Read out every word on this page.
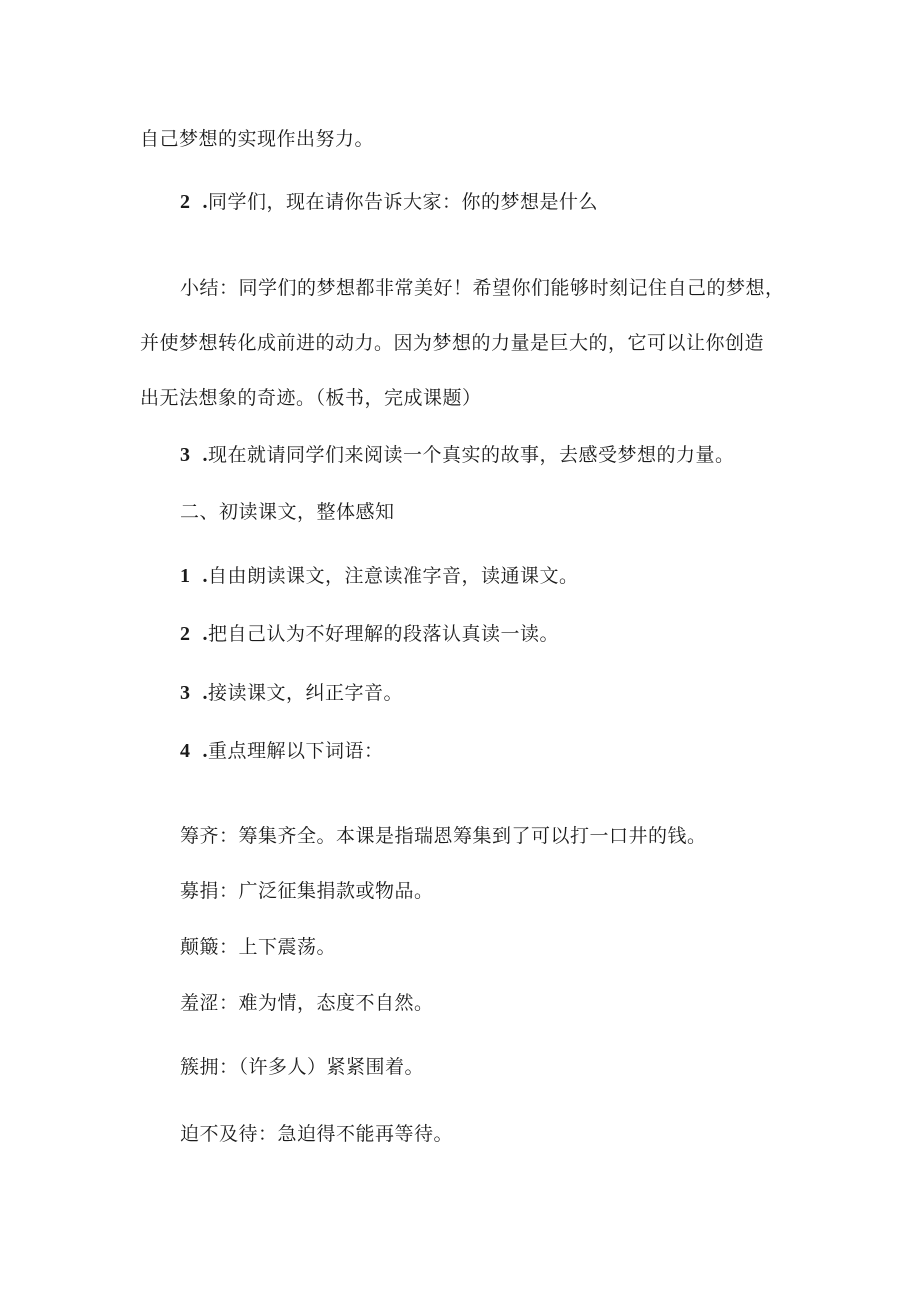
自己梦想的实现作出努力。
2 .同学们，现在请你告诉大家：你的梦想是什么
小结：同学们的梦想都非常美好！希望你们能够时刻记住自己的梦想，
并使梦想转化成前进的动力。因为梦想的力量是巨大的，它可以让你创造
出无法想象的奇迹。（板书，完成课题）
3 .现在就请同学们来阅读一个真实的故事，去感受梦想的力量。
二、初读课文，整体感知
1 .自由朗读课文，注意读准字音，读通课文。
2 .把自己认为不好理解的段落认真读一读。
3 .接读课文，纠正字音。
4 .重点理解以下词语：
筹齐：筹集齐全。本课是指瑞恩筹集到了可以打一口井的钱。
募捐：广泛征集捐款或物品。
颠簸：上下震荡。
羞涩：难为情，态度不自然。
簇拥：（许多人）紧紧围着。
迫不及待：急迫得不能再等待。
